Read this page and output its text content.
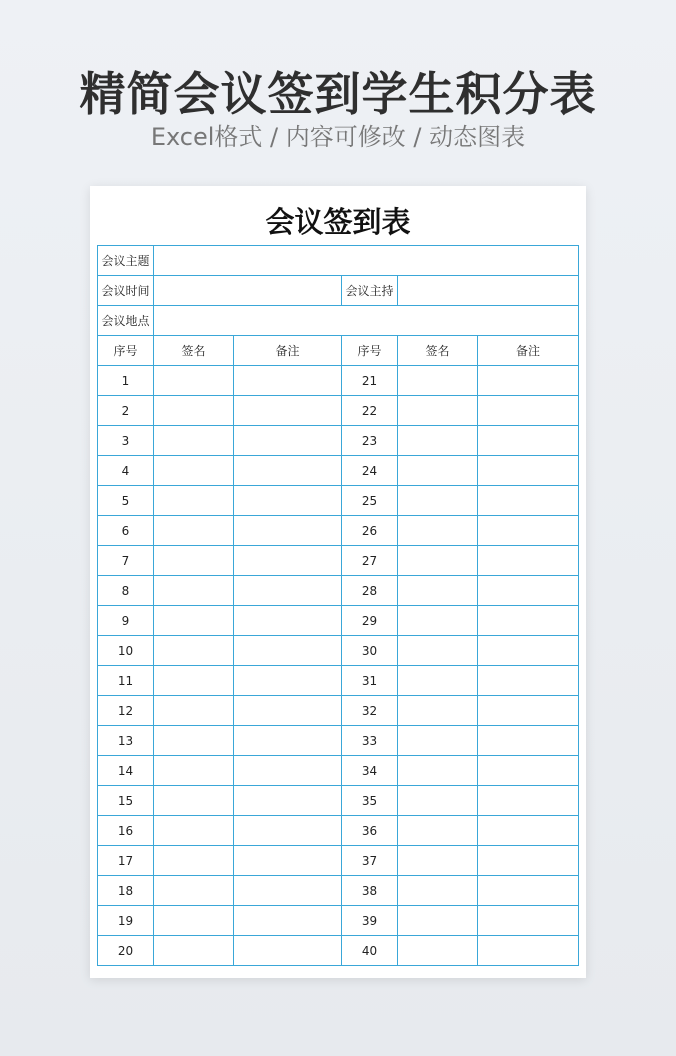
精简会议签到学生积分表
Excel格式 / 内容可修改 / 动态图表
会议签到表
会议主题					
会议时间			会议主持		
会议地点					
序号	签名	备注	序号	签名	备注
1			21		
2			22		
3			23		
4			24		
5			25		
6			26		
7			27		
8			28		
9			29		
10			30		
11			31		
12			32		
13			33		
14			34		
15			35		
16			36		
17			37		
18			38		
19			39		
20			40		
